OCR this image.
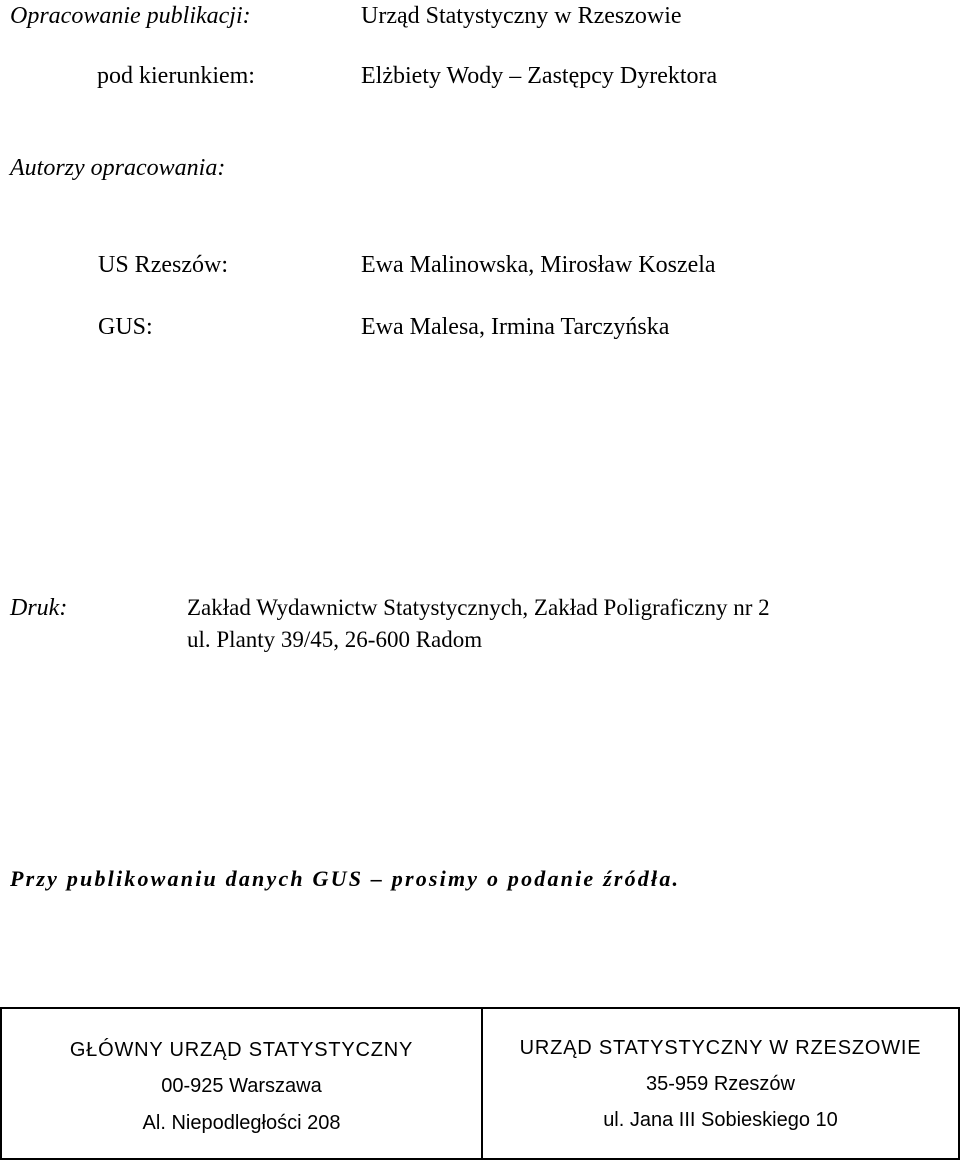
Opracowanie publikacji:	Urząd Statystyczny w Rzeszowie
pod kierunkiem:	Elżbiety Wody – Zastępcy Dyrektora
Autorzy opracowania:
US Rzeszów:	Ewa Malinowska, Mirosław Koszela
GUS:	Ewa Malesa, Irmina Tarczyńska
Druk:	Zakład Wydawnictw Statystycznych, Zakład Poligraficzny nr 2
ul. Planty 39/45, 26-600 Radom
Przy publikowaniu danych GUS – prosimy o podanie źródła.
GŁÓWNY URZĄD STATYSTYCZNY
00-925 Warszawa
Al. Niepodległości 208
URZĄD STATYSTYCZNY W RZESZOWIE
35-959 Rzeszów
ul. Jana III Sobieskiego 10
